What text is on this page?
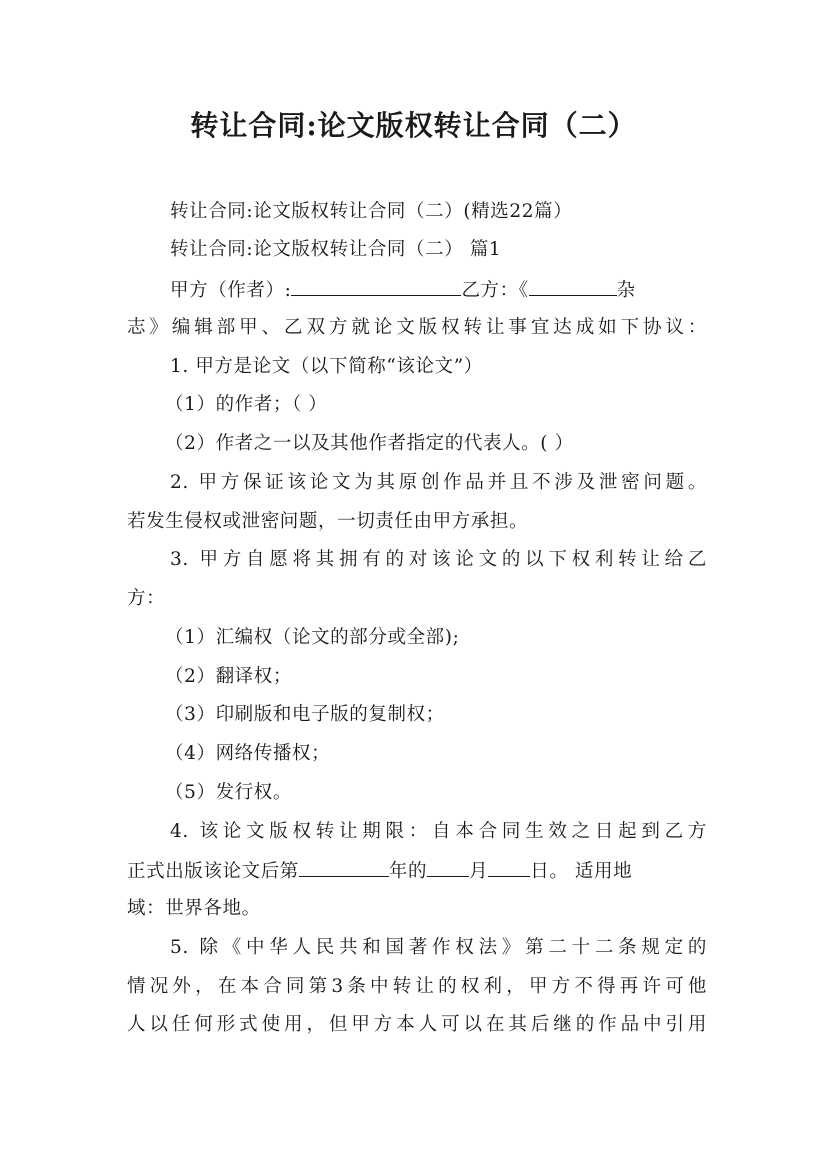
转让合同:论文版权转让合同（二）
转让合同:论文版权转让合同（二）(精选22篇）
转让合同:论文版权转让合同（二） 篇1
甲方（作者）:	乙方：《	杂
志》编辑部甲、乙双方就论文版权转让事宜达成如下协议：
1. 甲方是论文（以下简称“该论文”）
（1）的作者；（ ）
（2）作者之一以及其他作者指定的代表人。( ）
2. 甲方保证该论文为其原创作品并且不涉及泄密问题。
若发生侵权或泄密问题，一切责任由甲方承担。
3. 甲方自愿将其拥有的对该论文的以下权利转让给乙
方：
（1）汇编权（论文的部分或全部);
（2）翻译权；
（3）印刷版和电子版的复制权；
（4）网络传播权；
（5）发行权。
4. 该论文版权转让期限：自本合同生效之日起到乙方
正式出版该论文后第	年的 月 日。 适用地
域：世界各地。
5. 除《中华人民共和国著作权法》第二十二条规定的
情况外，在本合同第3条中转让的权利，甲方不得再许可他
人以任何形式使用，但甲方本人可以在其后继的作品中引用
